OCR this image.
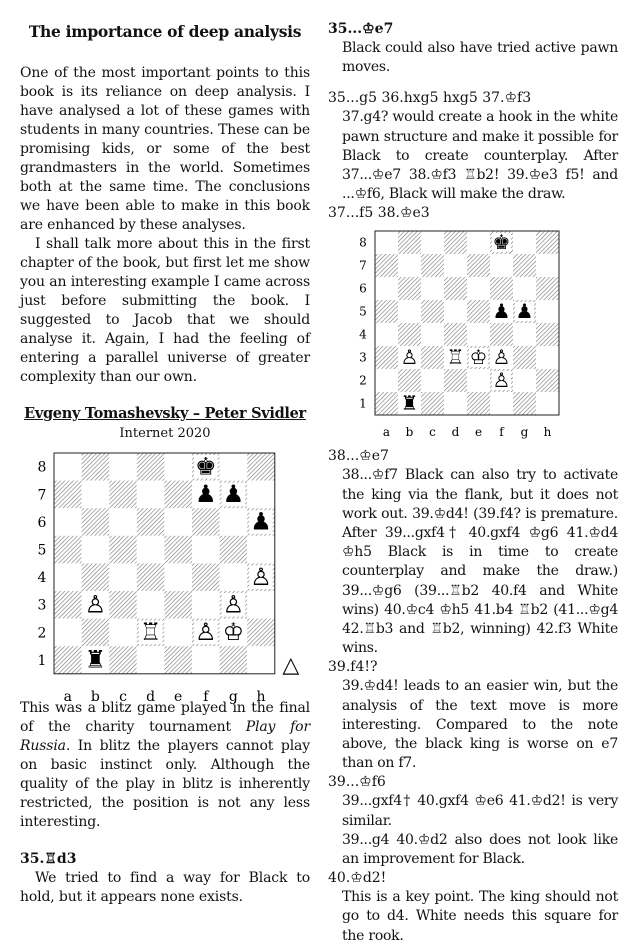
The importance of deep analysis

One of the most important points to this book is its reliance on deep analysis. I have analysed a lot of these games with students in many countries. These can be promising kids, or some of the best grandmasters in the world. Sometimes both at the same time. The conclusions we have been able to make in this book are enhanced by these analyses.

I shall talk more about this in the first chapter of the book, but first let me show you an interesting example I came across just before submitting the book. I suggested to Jacob that we should analyse it. Again, I had the feeling of entering a parallel universe of greater complexity than our own.

Evgeny Tomashevsky – Peter Svidler
Internet 2020
8
7
6
5
4
3
2
1
a b c d e f g h
♚
♟ ♟
♟
♙
♙	♙
♖ ♙ ♔
♜	△

This was a blitz game played in the final of the charity tournament Play for Russia. In blitz the players cannot play on basic instinct only. Although the quality of the play in blitz is inherently restricted, the position is not any less interesting.

35.♖d3

We tried to find a way for Black to hold, but it appears none exists.

35...♔e7

Black could also have tried active pawn moves.

35...g5 36.hxg5 hxg5 37.♔f3

37.g4? would create a hook in the white pawn structure and make it possible for Black to create counterplay. After 37...♔e7 38.♔f3 ♖b2! 39.♔e3 f5! and ...♔f6, Black will make the draw.

37...f5 38.♔e3

8
7
6
5
4
3
2
1
a b c d e f g h
♚
♟ ♟
♙ ♖ ♔ ♙
♙
♜

38...♔e7

38...♔f7 Black can also try to activate the king via the flank, but it does not work out. 39.♔d4! (39.f4? is premature. After 39...gxf4† 40.gxf4 ♔g6 41.♔d4 ♔h5 Black is in time to create counterplay and make the draw.) 39...♔g6 (39...♖b2 40.f4 and White wins) 40.♔c4 ♔h5 41.b4 ♖b2 (41...♔g4 42.♖b3 and ♖b2, winning) 42.f3 White wins.

39.f4!?

39.♔d4! leads to an easier win, but the analysis of the text move is more interesting. Compared to the note above, the black king is worse on e7 than on f7.

39...♔f6

39...gxf4† 40.gxf4 ♔e6 41.♔d2! is very similar.

39...g4 40.♔d2 also does not look like an improvement for Black.

40.♔d2!

This is a key point. The king should not go to d4. White needs this square for the rook.
